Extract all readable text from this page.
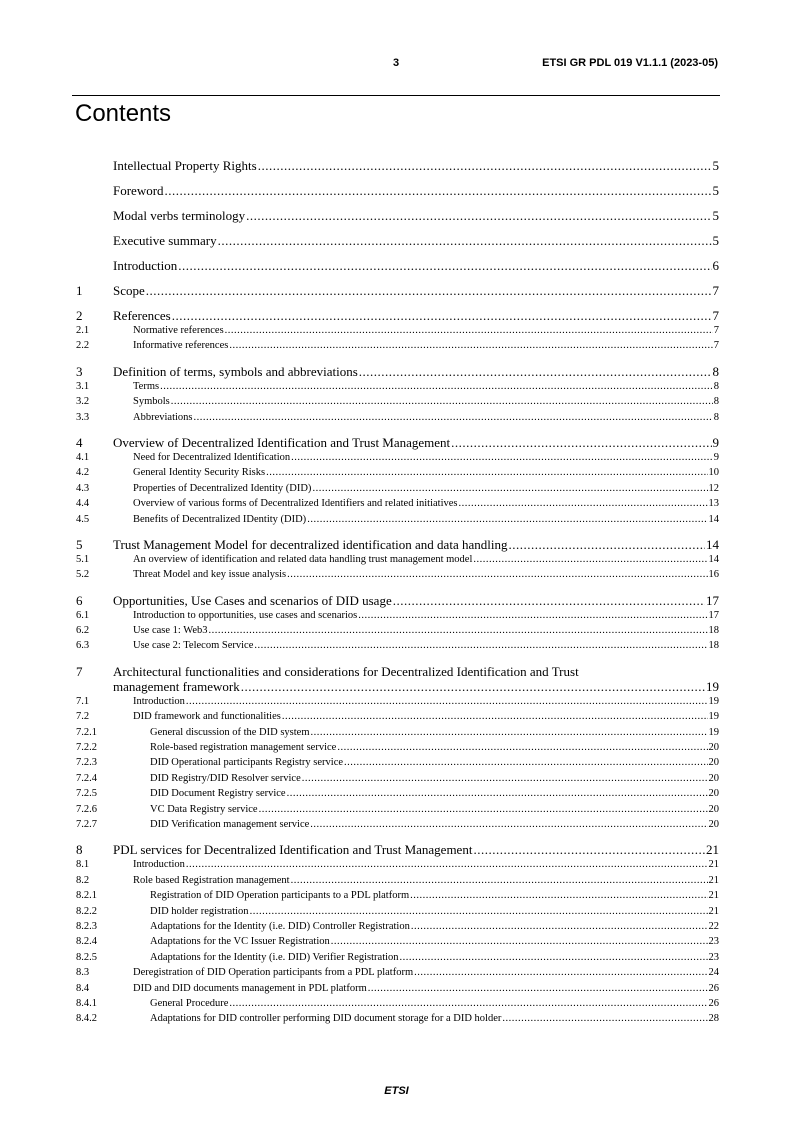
3	ETSI GR PDL 019 V1.1.1 (2023-05)
Contents
Intellectual Property Rights .....	5
Foreword .....	5
Modal verbs terminology .....	5
Executive summary .....	5
Introduction .....	6
1	Scope .....	7
2	References .....	7
2.1	Normative references .....	7
2.2	Informative references .....	7
3	Definition of terms, symbols and abbreviations .....	8
3.1	Terms .....	8
3.2	Symbols .....	8
3.3	Abbreviations .....	8
4	Overview of Decentralized Identification and Trust Management .....	9
4.1	Need for Decentralized Identification .....	9
4.2	General Identity Security Risks .....	10
4.3	Properties of Decentralized Identity (DID) .....	12
4.4	Overview of various forms of Decentralized Identifiers and related initiatives .....	13
4.5	Benefits of Decentralized IDentity (DID) .....	14
5	Trust Management Model for decentralized identification and data handling .....	14
5.1	An overview of identification and related data handling trust management model .....	14
5.2	Threat Model and key issue analysis .....	16
6	Opportunities, Use Cases and scenarios of DID usage .....	17
6.1	Introduction to opportunities, use cases and scenarios .....	17
6.2	Use case 1: Web3 .....	18
6.3	Use case 2: Telecom Service .....	18
7	Architectural functionalities and considerations for Decentralized Identification and Trust
management framework .....	19
7.1	Introduction .....	19
7.2	DID framework and functionalities .....	19
7.2.1	General discussion of the DID system .....	19
7.2.2	Role-based registration management service .....	20
7.2.3	DID Operational participants Registry service .....	20
7.2.4	DID Registry/DID Resolver service .....	20
7.2.5	DID Document Registry service .....	20
7.2.6	VC Data Registry service .....	20
7.2.7	DID Verification management service .....	20
8	PDL services for Decentralized Identification and Trust Management .....	21
8.1	Introduction .....	21
8.2	Role based Registration management .....	21
8.2.1	Registration of DID Operation participants to a PDL platform .....	21
8.2.2	DID holder registration .....	21
8.2.3	Adaptations for the Identity (i.e. DID) Controller Registration .....	22
8.2.4	Adaptations for the VC Issuer Registration .....	23
8.2.5	Adaptations for the Identity (i.e. DID) Verifier Registration .....	23
8.3	Deregistration of DID Operation participants from a PDL platform .....	24
8.4	DID and DID documents management in PDL platform .....	26
8.4.1	General Procedure .....	26
8.4.2	Adaptations for DID controller performing DID document storage for a DID holder .....	28
ETSI
